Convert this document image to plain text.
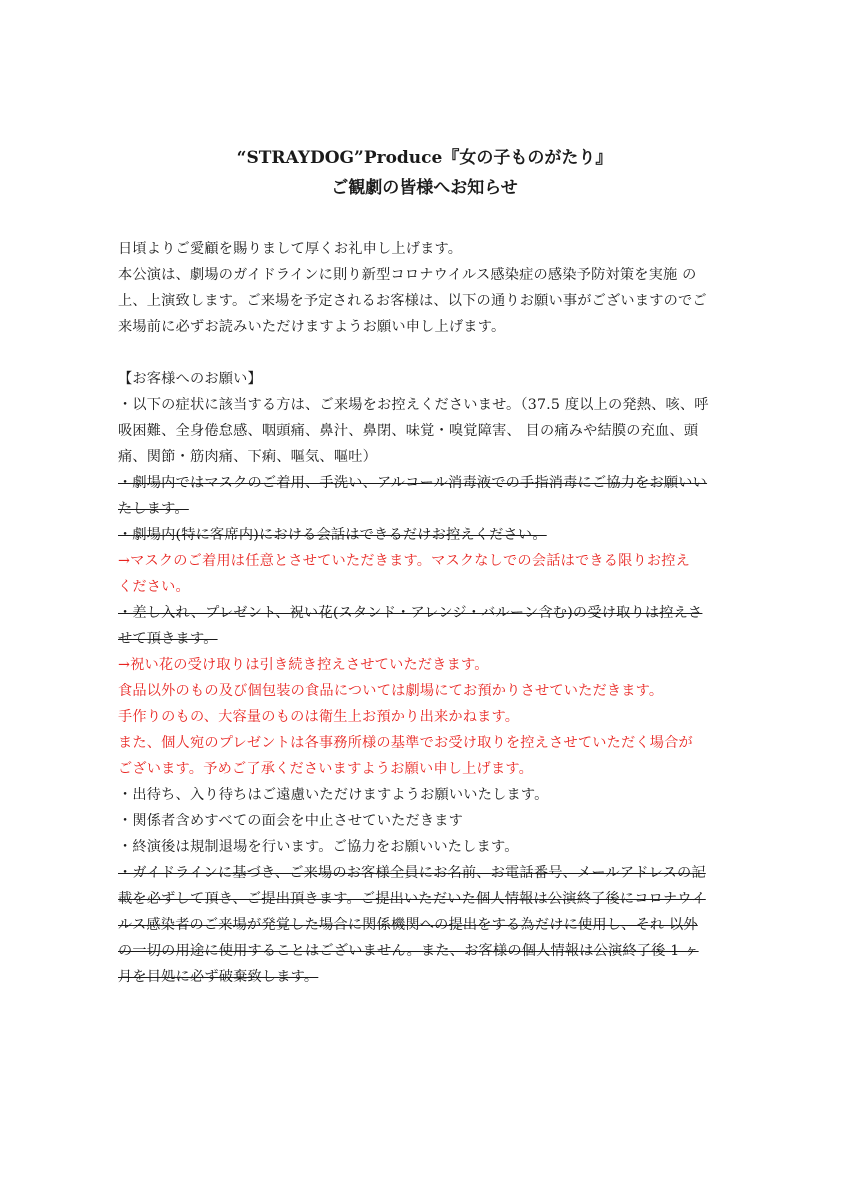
“STRAYDOG”Produce『女の子ものがたり』
ご観劇の皆様へお知らせ
日頃よりご愛顧を賜りまして厚くお礼申し上げます。
本公演は、劇場のガイドラインに則り新型コロナウイルス感染症の感染予防対策を実施 の
上、上演致します。ご来場を予定されるお客様は、以下の通りお願い事がございますのでご
来場前に必ずお読みいただけますようお願い申し上げます。
【お客様へのお願い】
・以下の症状に該当する方は、ご来場をお控えくださいませ。（37.5 度以上の発熱、咳、呼
吸困難、全身倦怠感、咽頭痛、鼻汁、鼻閉、味覚・嗅覚障害、 目の痛みや結膜の充血、頭
痛、関節・筋肉痛、下痢、嘔気、嘔吐）
・劇場内ではマスクのご着用、手洗い、アルコール消毒液での手指消毒にご協力をお願いい
たします。
・劇場内(特に客席内)における会話はできるだけお控えください。
→マスクのご着用は任意とさせていただきます。マスクなしでの会話はできる限りお控え
ください。
・差し入れ、プレゼント、祝い花(スタンド・アレンジ・バルーン含む)の受け取りは控えさ
せて頂きます。
→祝い花の受け取りは引き続き控えさせていただきます。
食品以外のもの及び個包装の食品については劇場にてお預かりさせていただきます。
手作りのもの、大容量のものは衛生上お預かり出来かねます。
また、個人宛のプレゼントは各事務所様の基準でお受け取りを控えさせていただく場合が
ございます。予めご了承くださいますようお願い申し上げます。
・出待ち、入り待ちはご遠慮いただけますようお願いいたします。
・関係者含めすべての面会を中止させていただきます
・終演後は規制退場を行います。ご協力をお願いいたします。
・ガイドラインに基づき、ご来場のお客様全員にお名前、お電話番号、メールアドレスの記
載を必ずして頂き、ご提出頂きます。ご提出いただいた個人情報は公演終了後にコロナウイ
ルス感染者のご来場が発覚した場合に関係機関への提出をする為だけに使用し、それ 以外
の一切の用途に使用することはございません。また、お客様の個人情報は公演終了後 1 ヶ
月を目処に必ず破棄致します。
